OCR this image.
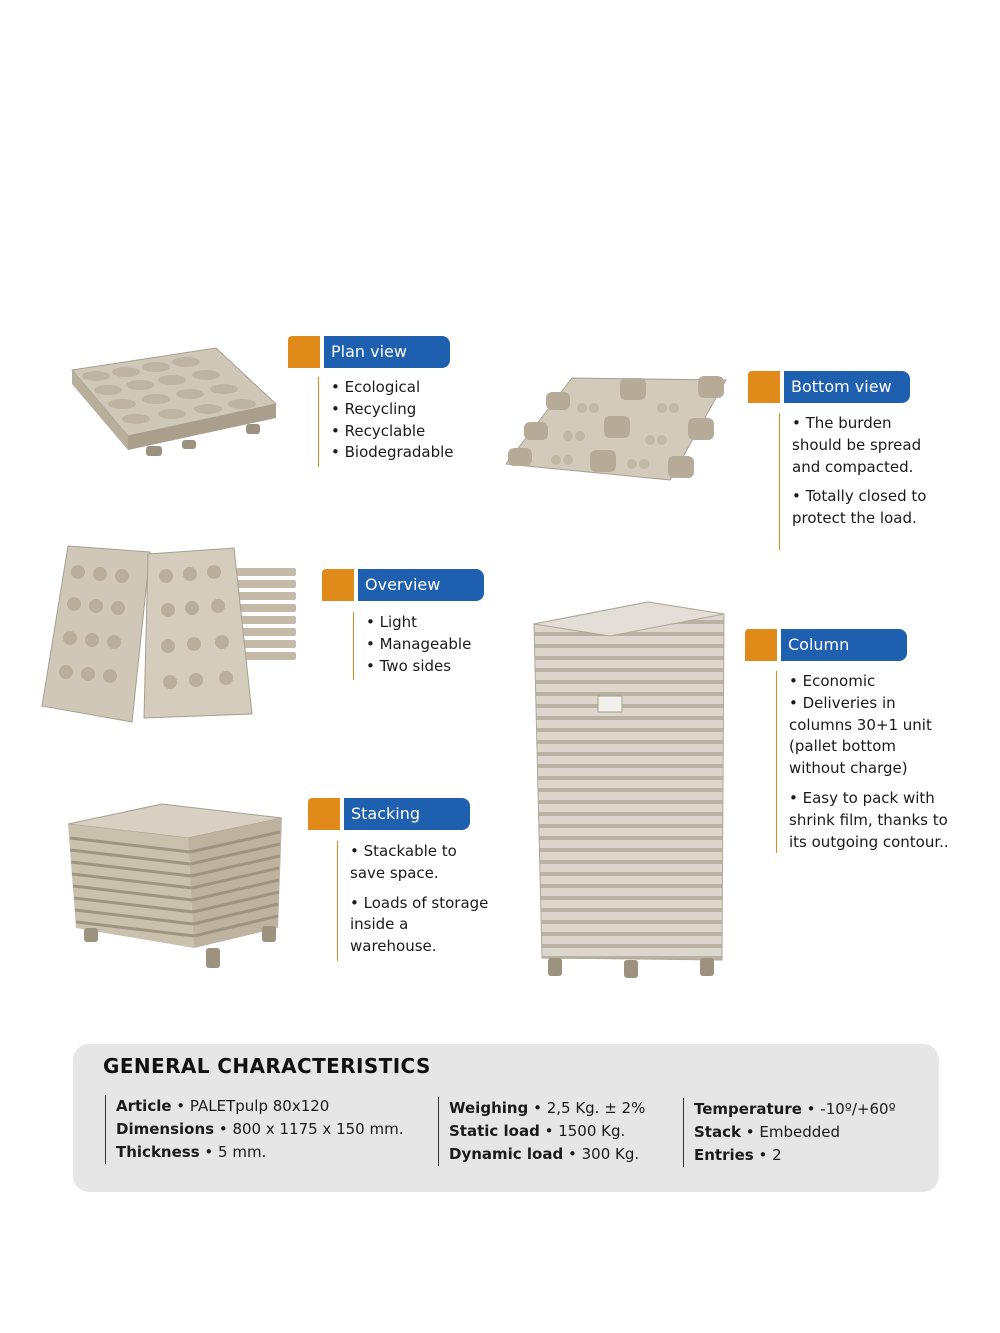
Plan view

• Ecological

• Recycling

• Recyclable

• Biodegradable

Bottom view

• The burden should be spread and compacted.

• Totally closed to protect the load.

Overview

• Light

• Manageable

• Two sides

Column

• Economic

• Deliveries in

columns 30+1 unit

(pallet bottom

without charge)

• Easy to pack with shrink film, thanks to its outgoing contour..

Stacking

• Stackable to save space.

• Loads of storage inside a warehouse.

GENERAL CHARACTERISTICS
Article • PALETpulp 80x120
Dimensions • 800 x 1175 x 150 mm.
Thickness • 5 mm.
Weighing • 2,5 Kg. ± 2%
Static load • 1500 Kg.
Dynamic load • 300 Kg.
Temperature • -10º/+60º
Stack • Embedded
Entries • 2
